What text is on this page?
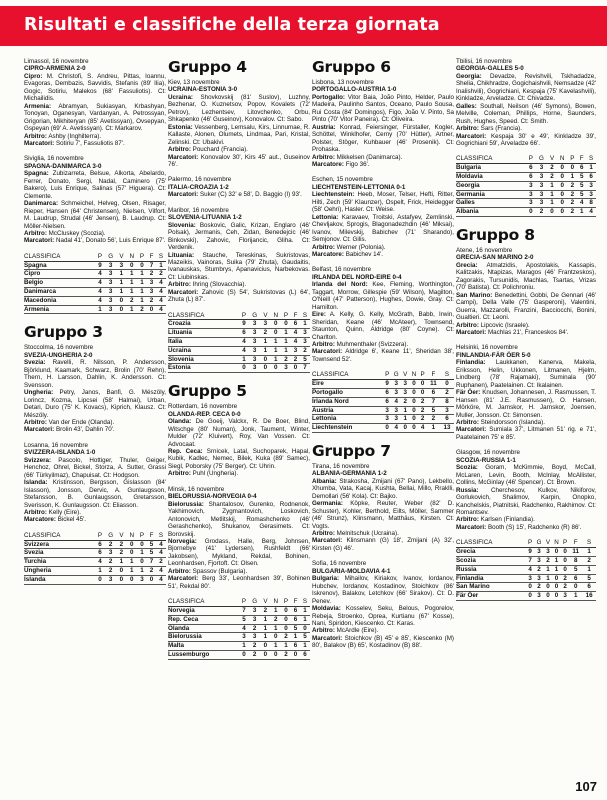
Risultati e classifiche della terza giornata
Limassol, 16 novembre
CIPRO-ARMENIA 2-0
Cipro: M. Christofi, S. Andreu, Pittas, Ioannu, Evagoras, Dembazis, Savvidis, Stefanis (89' Ilia), Gogic, Sotiriu, Malekos (68' Fassuliotis). Ct: Michailidis.
Armenia: Abramyan, Sukiasyan, Krbashyan, Tonoyan, Oganesyan, Vardanyan, A. Petrossyan, Grigorian, Mikhiteryan (85' Avetissyan), Ovsepyan, Gspeyan (69' A. Avetissyan). Ct: Markarov.
Arbitro: Ashby (Inghilterra).
Marcatori: Sotiriu 7', Fassuliotis 87'.
Siviglia, 16 novembre
SPAGNA-DANIMARCA 3-0
Spagna: Zubizarreta, Belsue, Alkorta, Abelardo, Ferrer, Donato, Sergi, Nadal, Caminero (75' Bakero), Luis Enrique, Salinas (57' Higuera). Ct: Clemente.
Danimarca: Schmeichel, Helveg, Olsen, Risager, Rieper, Hansen (64' Christensen), Nielsen, Vilfort, M. Laudrup, Strudal (46' Jensen), B. Laudrup. Ct: Möller-Nielsen.
Arbitro: McCluskey (Scozia).
Marcatori: Nadal 41', Donato 56', Luis Enrique 87'.
CLASSIFICA	P	G	V	N	P	F	S
Spagna	9	3	3	0	0	7	1
Cipro	4	3	1	1	1	2	2
Belgio	4	3	1	1	1	3	4
Danimarca	4	3	1	1	1	3	4
Macedonia	4	3	0	2	1	2	4
Armenia	1	3	0	1	2	0	4
Gruppo 3
Stoccolma, 16 novembre
SVEZIA-UNGHERIA 2-0
Svezia: Ravelli, R. Nilsson, P. Andersson, Björklund, Kaamark, Schwarz, Brolin (70' Rehn), Thern, H. Larsson, Dahlin, K. Andersson. Ct: Svensson.
Ungheria: Petry, Janos, Banfi, G. Mészöly, Lorincz, Kozma, Lipcsei (58' Halmai), Urban, Detari, Duro (75' K. Kovacs), Kiprich, Klausz. Ct: Mészöly.
Arbitro: Van der Ende (Olanda).
Marcatori: Brolin 43', Dahlin 70'.
Losanna, 16 novembre
SVIZZERA-ISLANDA 1-0
Svizzera: Pascolo, Hottiger, Thuler, Geiger, Henchoz, Ohrel, Bickel, Storza, A. Sutter, Grassi (66' Türkyilmaz), Chapuisat. Ct: Hodgson.
Islanda: Kristinsson, Bergsson, Gislasson (84' Islasson), Jonsson, Dervic, A. Gunlaugsson, Stefansson, B. Gunlaugsson, Gretarsson, Sverisson, K. Gunlaugsson. Ct: Eliasson.
Arbitro: Kelly (Eire).
Marcatore: Bickel 45'.
CLASSIFICA	P	G	V	N	P	F	S
Svizzera	6	2	2	0	0	5	4
Svezia	6	3	2	0	1	5	4
Turchia	4	2	1	1	0	7	2
Ungheria	1	2	0	1	1	2	4
Islanda	0	3	0	0	3	0	4
Gruppo 4
Kiev, 13 novembre
UCRAINA-ESTONIA 3-0
Ucraina: Shovkovskij (81' Suslov), Luzhny, Bezhenar, O. Kuznetsov, Popov, Kovalets (72' Petrov), Lezhentsev, Litovchenko, Orbu, Shkapenko (46' Guseinov), Konovalov. Ct: Sabo.
Estonia: Vessenberg, Lemsalu, Kirs, Linnumae, R. Kallaste, Alonen, Olumets, Lindmaa, Pari, Kristal, Zelinski. Ct: Ubakivi.
Arbitro: Pouchard (Francia).
Marcatori: Konovalov 30', Kirs 45' aut., Guseinov 76'.
Palermo, 16 novembre
ITALIA-CROAZIA 1-2
Marcatori: Suker (C) 32' e 58', D. Baggio (I) 93'.
Maribor, 16 novembre
SLOVENIA-LITUANIA 1-2
Slovenia: Boskovic, Galic, Krizan, Englaro (46' Polsak), Jermanis, Ceh, Zidan, Benedejcic (46' Binkovski), Zahovic, Florijancic, Gliha. Ct: Verdenik.
Lituania: Stauche, Tereskinas, Sukristovas, Mazeikis, Vainoras, Suika (79' Zhuta), Gaudaitis, Ivanauskas, Stumbrys, Apanavicius, Narbekovas. Ct: Liubinskas.
Arbitro: Ihring (Slovacchia).
Marcatori: Zahovic (S) 54', Sukristovas (L) 64', Zhuta (L) 87'.
CLASSIFICA	P	G	V	N	P	F	S
Croazia	9	3	3	0	0	6	1
Lituania	6	3	2	0	1	4	3
Italia	4	3	1	1	1	4	3
Ucraina	4	3	1	1	1	3	2
Slovenia	1	3	0	1	2	2	5
Estonia	0	3	0	0	3	0	7
Gruppo 5
Rotterdam, 16 novembre
OLANDA-REP. CECA 0-0
Olanda: De Goeij, Valckx, R. De Boer, Blind, Witschge (80' Numan), Jonk, Taument, Winter, Mulder (72' Kluivert), Roy, Van Vossen. Ct: Advocaat.
Rep. Ceca: Srnicek, Latal, Suchoparek, Hapal, Kubik, Kadlec, Nemec, Bilek, Kuka (89' Samec), Siegl, Poborsky (75' Berger). Ct: Uhrin.
Arbitro: Puhl (Ungheria).
Minsk, 16 novembre
BIELORUSSIA-NORVEGIA 0-4
Bielorussia: Shantalosov, Gurenko, Rodnenok, Yakhimovich, Zygmantovich, Loskovich, Antonovich, Metlitskij, Romashchenko (46' Gerashchenko), Shukanov, Gerasimets. Ct: Borovskij.
Norvegia: Grodass, Halle, Berg, Johnsen, Bjornebye (41' Lydersen), Rushfeldt (66' Jakobsen), Mykland, Rekdal, Bohinen, Leonhardsen, Fjortoft. Ct: Olsen.
Arbitro: Spassov (Bulgaria).
Marcatori: Berg 33', Leonhardsen 39', Bohinen 51', Rekdal 80'.
CLASSIFICA	P	G	V	N	P	F	S
Norvegia	7	3	2	1	0	6	1
Rep. Ceca	5	3	1	2	0	6	1
Olanda	4	2	1	1	0	5	0
Bielorussia	3	3	1	0	2	1	5
Malta	1	2	0	1	1	6	1
Lussemburgo	0	2	0	0	2	0	6
Gruppo 6
Lisbona, 13 novembre
PORTOGALLO-AUSTRIA 1-0
Portogallo: Vitor Baia, João Pinto, Helder, Paulo Madeira, Paulinho Santos, Oceano, Paulo Sousa, Rui Costa (84' Domingos), Figo, João V. Pinto, Sa Pinto (70' Vitor Paneira). Ct: Oliveira.
Austria: Konrad, Feiersinger, Fürstaller, Kogler, Schöttel, Winklhofer, Cerny (70' Hütter), Artner, Polster, Stöger, Kuhbauer (46' Prosenik). Ct: Prohaska.
Arbitro: Mikkelsen (Danimarca).
Marcatore: Figo 36'.
Eschen, 15 novembre
LIECHTENSTEIN-LETTONIA 0-1
Liechtenstein: Heeb, Moser, Telser, Hefti, Ritter, Hilti, Zech (59' Klaunzer), Ospelt, Frick, Heidegger (58' Oehri), Hasler. Ct: Weise.
Lettonia: Karavaev, Troitski, Astafyev, Zemlinski, Chevljakov, Sprogis, Blagonadezhdin (46' Miksai), Ivanov, Milevskij, Babichev (71' Sharando), Semjonov. Ct: Gilis.
Arbitro: Werner (Polonia).
Marcatore: Babichev 14'.
Belfast, 16 novembre
IRLANDA DEL NORD-EIRE 0-4
Irlanda del Nord: Kee, Fleming, Worthington, Taggart, Morrow, Gillespie (59' Wilson), Magilton, O'Neill (47' Patterson), Hughes, Dowie, Gray. Ct: Hamilton.
Eire: A. Kelly, G. Kelly, McGrath, Babb, Irwin, Sheridan, Keane (46' McAteer), Townsend, Staunton, Quinn, Aldridge (80' Coyne). Ct: Charlton.
Arbitro: Muhmenthaler (Svizzera).
Marcatori: Aldridge 6', Keane 11', Sheridan 38', Townsend 52'.
CLASSIFICA	P	G	V	N	P	F	S
Eire	9	3	3	0	0	11	0
Portogallo	6	3	3	0	0	6	2
Irlanda Nord	6	4	2	0	2	7	8
Austria	3	3	1	0	2	5	3
Lettonia	3	3	1	0	2	2	6
Liechtenstein	0	4	0	0	4	1	13
Gruppo 7
Tirana, 16 novembre
ALBANIA-GERMANIA 1-2
Albania: Strakosha, Zmijani (67' Pano), Lekbello, Xhumba, Vata, Kacaj, Kushta, Bellai, Millo, Rraklli, Demollari (56' Kola). Ct: Bajko.
Germania: Köpke, Reuter, Weber (82' D. Schuster), Kohler, Berthold, Eilts, Möller, Sammer (46' Strunz), Klinsmann, Matthäus, Kirsten. Ct: Vogts.
Arbitro: Melnitschuk (Ucraina).
Marcatori: Klinsmann (G) 18', Zmijani (A) 32', Kirsten (G) 46'.
Sofia, 16 novembre
BULGARIA-MOLDAVIA 4-1
Bulgaria: Mihailov, Kiriakov, Ivanov, Iordanov, Hubchev, Iordanov, Kostadinov, Stoichkov (86' Iskrenov), Balakov, Letchkov (66' Sirakov). Ct: D. Penev.
Moldavia: Kosselev, Seku, Belous, Pogorelov, Rebeja, Stroenko, Oprea, Kurtianu (67' Kosse), Nani, Spiridon, Kiescenko. Ct: Karas.
Arbitro: McArdle (Eire).
Marcatori: Stoichkov (B) 45' e 85', Kiescenko (M) 80', Balakov (B) 65', Kostadinov (B) 88'.
Tbilisi, 16 novembre
GEORGIA-GALLES 5-0
Georgia: Devadze, Revishvili, Tskhadadze, Shelia, Chikhradze, Gogichaishvili, Nemsadze (42' Inalishvili), Gogrichiani, Kespaja (75' Kavelashvili), Kinkladze, Arveladze. Ct: Chivadze.
Galles: Southall, Neilson (46' Symons), Bowen, Melville, Coleman, Phillips, Horne, Saunders, Rush, Hughes, Speed. Ct: Smith.
Arbitro: Sars (Francia).
Marcatori: Kespaja 30' e 49', Kinkladze 39', Gogrichiani 59', Arveladze 66'.
CLASSIFICA	P	G	V	N	P	F	S
Bulgaria	6	3	2	0	0	6	1
Moldavia	6	3	2	0	1	5	6
Georgia	3	3	1	0	2	5	3
Germania	3	3	1	0	2	5	3
Galles	3	3	1	0	2	4	8
Albania	0	2	0	0	2	1	4
Gruppo 8
Atene, 16 novembre
GRECIA-SAN MARINO 2-0
Grecia: Atmatzidis, Apostolakis, Kassapis, Kalitzakis, Ntapizas, Maragos (46' Frantzeskos), Zagorakis, Tursunidis, Machlas, Tsartas, Vrizas (70' Batista). Ct: Polichroniu.
San Marino: Benedettini, Gobbi, De Gennari (46' Campi), Della Valle (75' Gasperoni), Valentini, Guerra, Mazzarolli, Franzini, Bacciocchi, Bonini, Gualtieri. Ct: Leoni.
Arbitro: Lipcovic (Israele).
Marcatori: Machlas 21', Franceskos 84'.
Helsinki, 16 novembre
FINLANDIA-FÄR ÖER 5-0
Finlandia: Laukkanen, Kanerva, Makela, Eriksson, Helin, Ukkonen, Litmanen, Hjelm, Lindberg (78' Rajamaki), Suminala (90' Ruphanen), Paatelainen. Ct: Ikalainen.
Fär Öer: Knudsen, Johannesen, J. Rasmussen, T. Hansen (81' J.E. Rasmussen), O. Hansen, Mörköre, M. Jarnskor, H. Jarnskor, Joensen, Muller, Jonsson. Ct: Simonsen.
Arbitro: Steindorsson (Islanda).
Marcatori: Sumiala 37', Litmanen 51' rig. e 71', Paatelainen 75' e 85'.
Glasgow, 16 novembre
SCOZIA-RUSSIA 1-1
Scozia: Goram, McKimmie, Boyd, McCall, McLaren, Levin, Booth, McInlay, McAllister, Collins, McGinlay (46' Spencer). Ct: Brown.
Russia: Cherchesov, Kulkov, Nikiforov, Gorlukovich, Shalimov, Karpin, Onopko, Kanchelskis, Piatnitski, Radchenko, Rakhimov. Ct: Romantsev.
Arbitro: Karlsen (Finlandia).
Marcatori: Booth (S) 15', Radchenko (R) 86'.
CLASSIFICA	P	G	V	N	P	F	S
Grecia	9	3	3	0	0	11	1
Scozia	7	3	2	1	0	8	2
Russia	4	2	1	1	0	5	1
Finlandia	3	3	1	0	2	6	5
San Marino	0	2	0	0	2	0	6
Fär Öer	0	3	0	0	3	1	16
107
